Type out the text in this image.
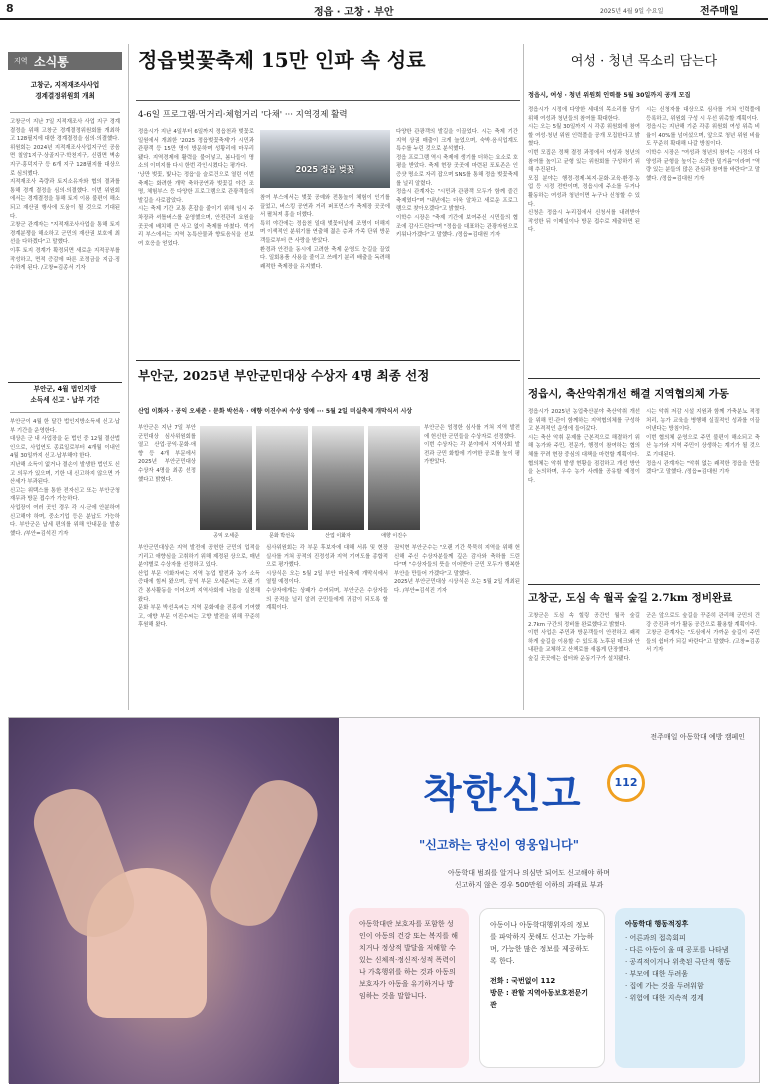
8	정읍 · 고창 · 부안	2025년 4월 9일 수요일	전주매일
지역 소식통
고창군, 지적재조사사업
경계결정위원회 개최
고창군이 지난 7일 지적재조사 사업 지구 경계결정을 위해 고창군 경계결정위원회를 개최하고 128필지에 대한 경계결정을 심의·의결했다.
위원회는 2024년 지적재조사사업지구인 공음면 칠암1지구·상골지구·학천지구, 신림면 벽송지구·흥덕지구 등 6개 지구 128필지를 대상으로 심의했다.
지적재조사 측량과 토지소유자와 협의 결과를 통해 경계 결정을 심의·의결했다. 이번 위원회에서는 경계결정을 통해 토지 이용 불편이 해소되고 재산권 행사에 도움이 될 것으로 기대된다.
고창군 관계자는 "지적재조사사업을 통해 토지경계분쟁을 해소하고 군민의 재산권 보호에 최선을 다하겠다"고 말했다.
이후 토지 경계가 확정되면 새로운 지적공부를 작성하고, 면적 증감에 따른 조정금을 지급·징수하게 된다. /고창=김종서 기자
부안군, 4월 법인지방
소득세 신고 · 납부 기간
부안군이 4월 한 달간 법인지방소득세 신고·납부 기간을 운영한다.
대상은 군 내 사업장을 둔 법인 중 12월 결산법인으로, 사업연도 종료일로부터 4개월 이내인 4월 30일까지 신고·납부해야 한다.
지난해 소득이 없거나 결손이 발생한 법인도 신고 의무가 있으며, 기한 내 신고하지 않으면 가산세가 부과된다.
신고는 위택스를 통한 전자신고 또는 부안군청 재무과 방문 접수가 가능하다.
사업장이 여러 곳인 경우 각 시·군에 안분하여 신고해야 하며, 중소기업 등은 분납도 가능하다. 부안군은 납세 편의를 위해 안내문을 발송했다. /부안=김석진 기자
정읍벚꽃축제 15만 인파 속 성료
4-6일 프로그램·먹거리·체험거리 '다채' ··· 지역경제 활력
정읍시가 지난 4일부터 6일까지 정읍천과 벚꽃로 일원에서 개최한 '2025 정읍벚꽃축제'가 시민과 관광객 등 15만 명이 방문하며 성황리에 마무리됐다. 지역경제에 활력을 불어넣고, 봄나들이 명소의 이미지를 다시 한번 각인시켰다는 평가다.
'낭만 벚꽃, 빛나는 정읍'을 슬로건으로 열린 이번 축제는 화려한 개막 축하공연과 벚꽃길 야간 조명, 체험부스 등 다양한 프로그램으로 관광객들의 발길을 사로잡았다.
시는 축제 기간 교통 혼잡을 줄이기 위해 임시 주차장과 셔틀버스를 운영했으며, 안전관리 요원을 곳곳에 배치해 큰 사고 없이 축제를 마쳤다. 먹거리 부스에서는 지역 농특산물과 향토음식을 선보여 호응을 얻었다.
2025 정읍 벚꽃
참여 부스에서는 벚꽃 공예와 전통놀이 체험이 인기를 끌었고, 버스킹 공연과 거리 퍼포먼스가 축제장 곳곳에서 펼쳐져 흥을 더했다.
특히 야간에는 정읍천 일대 벚꽃터널에 조명이 더해지며 이색적인 분위기를 연출해 젊은 층과 가족 단위 방문객들로부터 큰 사랑을 받았다.
환경과 안전을 동시에 고려한 축제 운영도 눈길을 끌었다. 일회용품 사용을 줄이고 쓰레기 분리 배출을 독려해 쾌적한 축제장을 유지했다.
다양한 관광객의 발길을 이끌었다. 시는 축제 기간 지역 상권 매출이 크게 늘었으며, 숙박·음식업계도 특수를 누린 것으로 분석했다.
정읍 프로그램 역시 축제에 생기를 더하는 요소로 호평을 받았다. 축제 현장 곳곳에 마련된 포토존은 인증샷 명소로 자리 잡으며 SNS를 통해 정읍 벚꽃축제를 널리 알렸다.
정읍시 관계자는 "시민과 관광객 모두가 함께 즐긴 축제였다"며 "내년에는 더욱 알차고 새로운 프로그램으로 찾아오겠다"고 밝혔다.
이학수 시장은 "축제 기간에 보여주신 시민들의 협조에 감사드린다"며 "정읍을 대표하는 관광자원으로 키워나가겠다"고 말했다. /정읍=김대원 기자
여성 · 청년 목소리 담는다
정읍시, 여성 · 청년 위원회 인력풀 5월 30일까지 공개 모집
정읍시가 시정에 다양한 세대의 목소리를 담기 위해 여성과 청년들의 참여를 확대한다.
시는 오는 5월 30일까지 시 각종 위원회에 참여할 여성·청년 위원 인력풀을 공개 모집한다고 밝혔다.
이번 모집은 정책 결정 과정에서 여성과 청년의 참여를 높이고 균형 있는 위원회를 구성하기 위해 추진된다.
모집 분야는 행정·경제·복지·문화·교육·환경·농업 등 시정 전반이며, 정읍시에 주소를 두거나 활동하는 여성과 청년이면 누구나 신청할 수 있다.
신청은 정읍시 누리집에서 신청서를 내려받아 작성한 뒤 이메일이나 방문 접수로 제출하면 된다.
시는 신청자를 대상으로 심사를 거쳐 인력풀에 등록하고, 위원회 구성 시 우선 위촉할 계획이다.
정읍시는 지난해 기준 각종 위원회 여성 위촉 비율이 40%를 넘어섰으며, 앞으로 청년 위원 비율도 꾸준히 확대해 나갈 방침이다.
이학수 시장은 "여성과 청년의 참여는 시정의 다양성과 균형을 높이는 소중한 밑거름"이라며 "역량 있는 분들의 많은 관심과 참여를 바란다"고 말했다. /정읍=김대원 기자
정읍시, 축산악취개선 해결 지역협의체 가동
정읍시가 2025년 농업축산분야 축산악취 개선을 위해 민·관이 함께하는 지역협의체를 구성하고 본격적인 운영에 들어갔다.
시는 축산 악취 문제를 근본적으로 해결하기 위해 농가와 주민, 전문가, 행정이 참여하는 협의체를 꾸려 현장 중심의 대책을 마련할 계획이다.
협의체는 악취 발생 현황을 점검하고 개선 방안을 논의하며, 우수 농가 사례를 공유할 예정이다.
시는 악취 저감 시설 지원과 함께 가축분뇨 적정 처리, 농가 교육을 병행해 실질적인 성과를 이끌어낸다는 방침이다.
이번 협의체 운영으로 주민 불편이 해소되고 축산 농가와 지역 주민이 상생하는 계기가 될 것으로 기대된다.
정읍시 관계자는 "악취 없는 쾌적한 정읍을 만들겠다"고 말했다. /정읍=김대원 기자
고창군, 도심 속 월곡 숲길 2.7km 정비완료
고창군은 도심 속 힐링 공간인 월곡 숲길 2.7km 구간의 정비를 완료했다고 밝혔다.
이번 사업은 주민과 방문객들이 안전하고 쾌적하게 숲길을 이용할 수 있도록 노후된 데크와 안내판을 교체하고 산책로를 새롭게 단장했다.
숲길 곳곳에는 쉼터와 운동기구가 설치됐다.
군은 앞으로도 숲길을 꾸준히 관리해 군민의 건강 증진과 여가 활동 공간으로 활용할 계획이다.
고창군 관계자는 "도심에서 가까운 숲길이 주민들의 쉼터가 되길 바란다"고 말했다. /고창=김종서 기자
부안군, 2025년 부안군민대상 수상자 4명 최종 선정
산업 이화자 · 공익 오세준 · 문화 박선옥 · 애향 이진수씨 수상 영예 ··· 5월 2일 미실축제 개막식서 시상
부안군은 지난 7일 부안군민대상 심사위원회를 열고 산업·공익·문화·애향 등 4개 부문에서 2025년 부안군민대상 수상자 4명을 최종 선정했다고 밝혔다.
공익 오세준	문화 박선옥	산업 이화자	애향 이진수
부안군은 엄정한 심사를 거쳐 지역 발전에 헌신한 군민들을 수상자로 선정했다.
이번 수상자는 각 분야에서 지역사회 발전과 군민 화합에 기여한 공로를 높이 평가받았다.
부안군민대상은 지역 발전에 공헌한 군민의 업적을 기리고 애향심을 고취하기 위해 제정된 상으로, 매년 분야별로 수상자를 선정하고 있다.
산업 부문 이화자씨는 지역 농업 발전과 농가 소득 증대에 힘써 왔으며, 공익 부문 오세준씨는 오랜 기간 봉사활동을 이어오며 지역사회에 나눔을 실천해 왔다.
문화 부문 박선옥씨는 지역 문화예술 진흥에 기여했고, 애향 부문 이진수씨는 고향 발전을 위해 꾸준히 후원해 왔다.
심사위원회는 각 부문 후보자에 대해 서류 및 현장 실사를 거쳐 공적의 진정성과 지역 기여도를 종합적으로 평가했다.
시상식은 오는 5월 2일 부안 마실축제 개막식에서 열릴 예정이다.
수상자에게는 상패가 수여되며, 부안군은 수상자들의 공적을 널리 알려 군민들에게 귀감이 되도록 할 계획이다.
권익현 부안군수는 "오랜 기간 묵묵히 지역을 위해 헌신해 주신 수상자분들께 깊은 감사와 축하를 드린다"며 "수상자들의 뜻을 이어받아 군민 모두가 행복한 부안을 만들어 가겠다"고 말했다.
2025년 부안군민대상 시상식은 오는 5월 2일 개최된다. /부안=김석진 기자
전주매일 아동학대 예방 캠페인
착한신고	112
"신고하는 당신이 영웅입니다"
아동학대 범죄를 알거나 의심만 되어도 신고해야 하며
신고하지 않은 경우 500만원 이하의 과태료 부과
아동학대란 보호자를 포함한 성인이 아동의 건강 또는 복지를 해치거나 정상적 발달을 저해할 수 있는 신체적·정신적·성적 폭력이나 가혹행위를 하는 것과 아동의 보호자가 아동을 유기하거나 방임하는 것을 말합니다.
아동이나 아동학대행위자의 정보를 파악하지 못해도 신고는 가능하며, 가능한 많은 정보를 제공하도록 한다.
전화 : 국번없이 112
방문 : 관할 지역아동보호전문기관
아동학대 행동적징후
· 어른과의 접촉회피
· 다른 아동이 울 때 공포를 나타냄
· 공격적이거나 위축된 극단적 행동
· 부모에 대한 두려움
· 집에 가는 것을 두려워함
· 위험에 대한 지속적 경계
